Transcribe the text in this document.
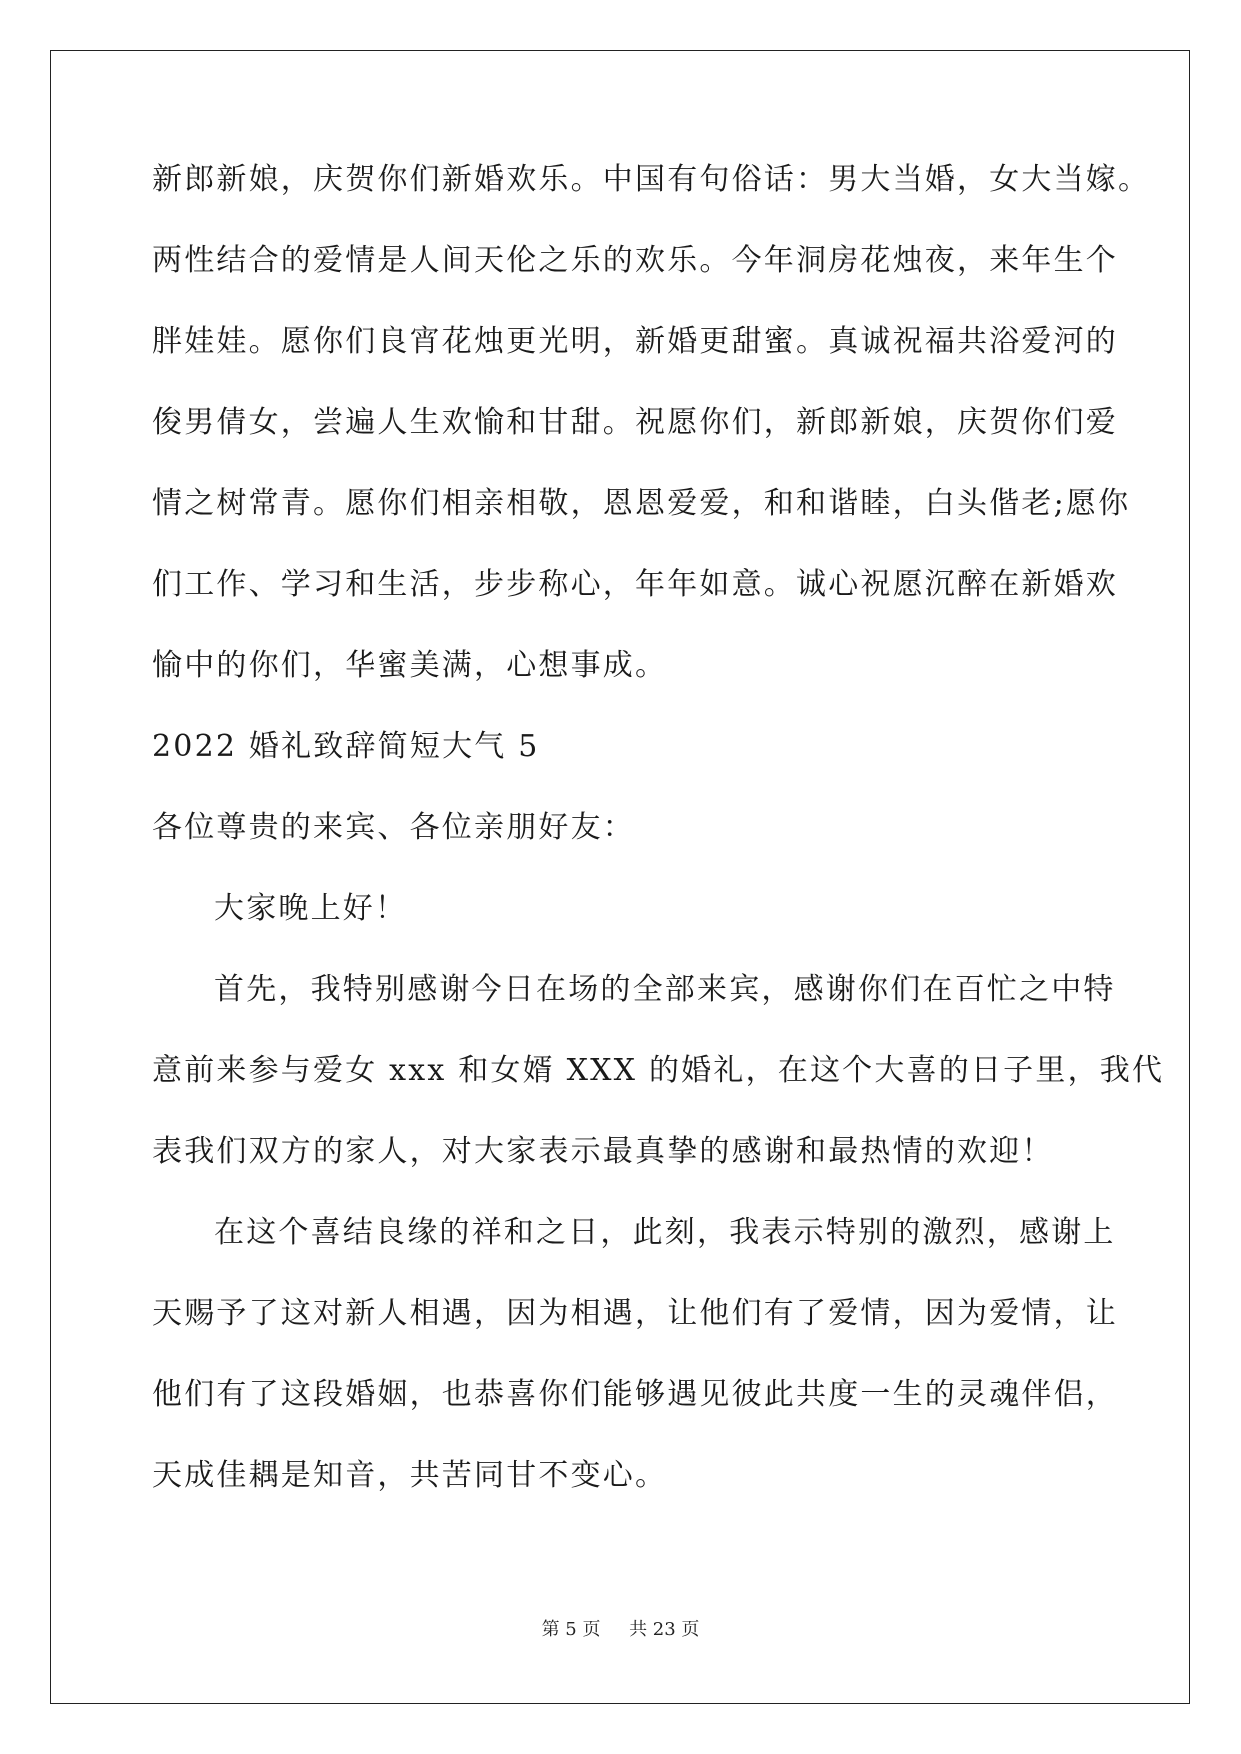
新郎新娘，庆贺你们新婚欢乐。中国有句俗话：男大当婚，女大当嫁。
两性结合的爱情是人间天伦之乐的欢乐。今年洞房花烛夜，来年生个
胖娃娃。愿你们良宵花烛更光明，新婚更甜蜜。真诚祝福共浴爱河的
俊男倩女，尝遍人生欢愉和甘甜。祝愿你们，新郎新娘，庆贺你们爱
情之树常青。愿你们相亲相敬，恩恩爱爱，和和谐睦，白头偕老;愿你
们工作、学习和生活，步步称心，年年如意。诚心祝愿沉醉在新婚欢
愉中的你们，华蜜美满，心想事成。
2022 婚礼致辞简短大气 5
各位尊贵的来宾、各位亲朋好友：
大家晚上好！
首先，我特别感谢今日在场的全部来宾，感谢你们在百忙之中特
意前来参与爱女 xxx 和女婿 XXX 的婚礼，在这个大喜的日子里，我代
表我们双方的家人，对大家表示最真挚的感谢和最热情的欢迎！
在这个喜结良缘的祥和之日，此刻，我表示特别的激烈，感谢上
天赐予了这对新人相遇，因为相遇，让他们有了爱情，因为爱情，让
他们有了这段婚姻，也恭喜你们能够遇见彼此共度一生的灵魂伴侣，
天成佳耦是知音，共苦同甘不变心。
第 5 页 共 23 页
